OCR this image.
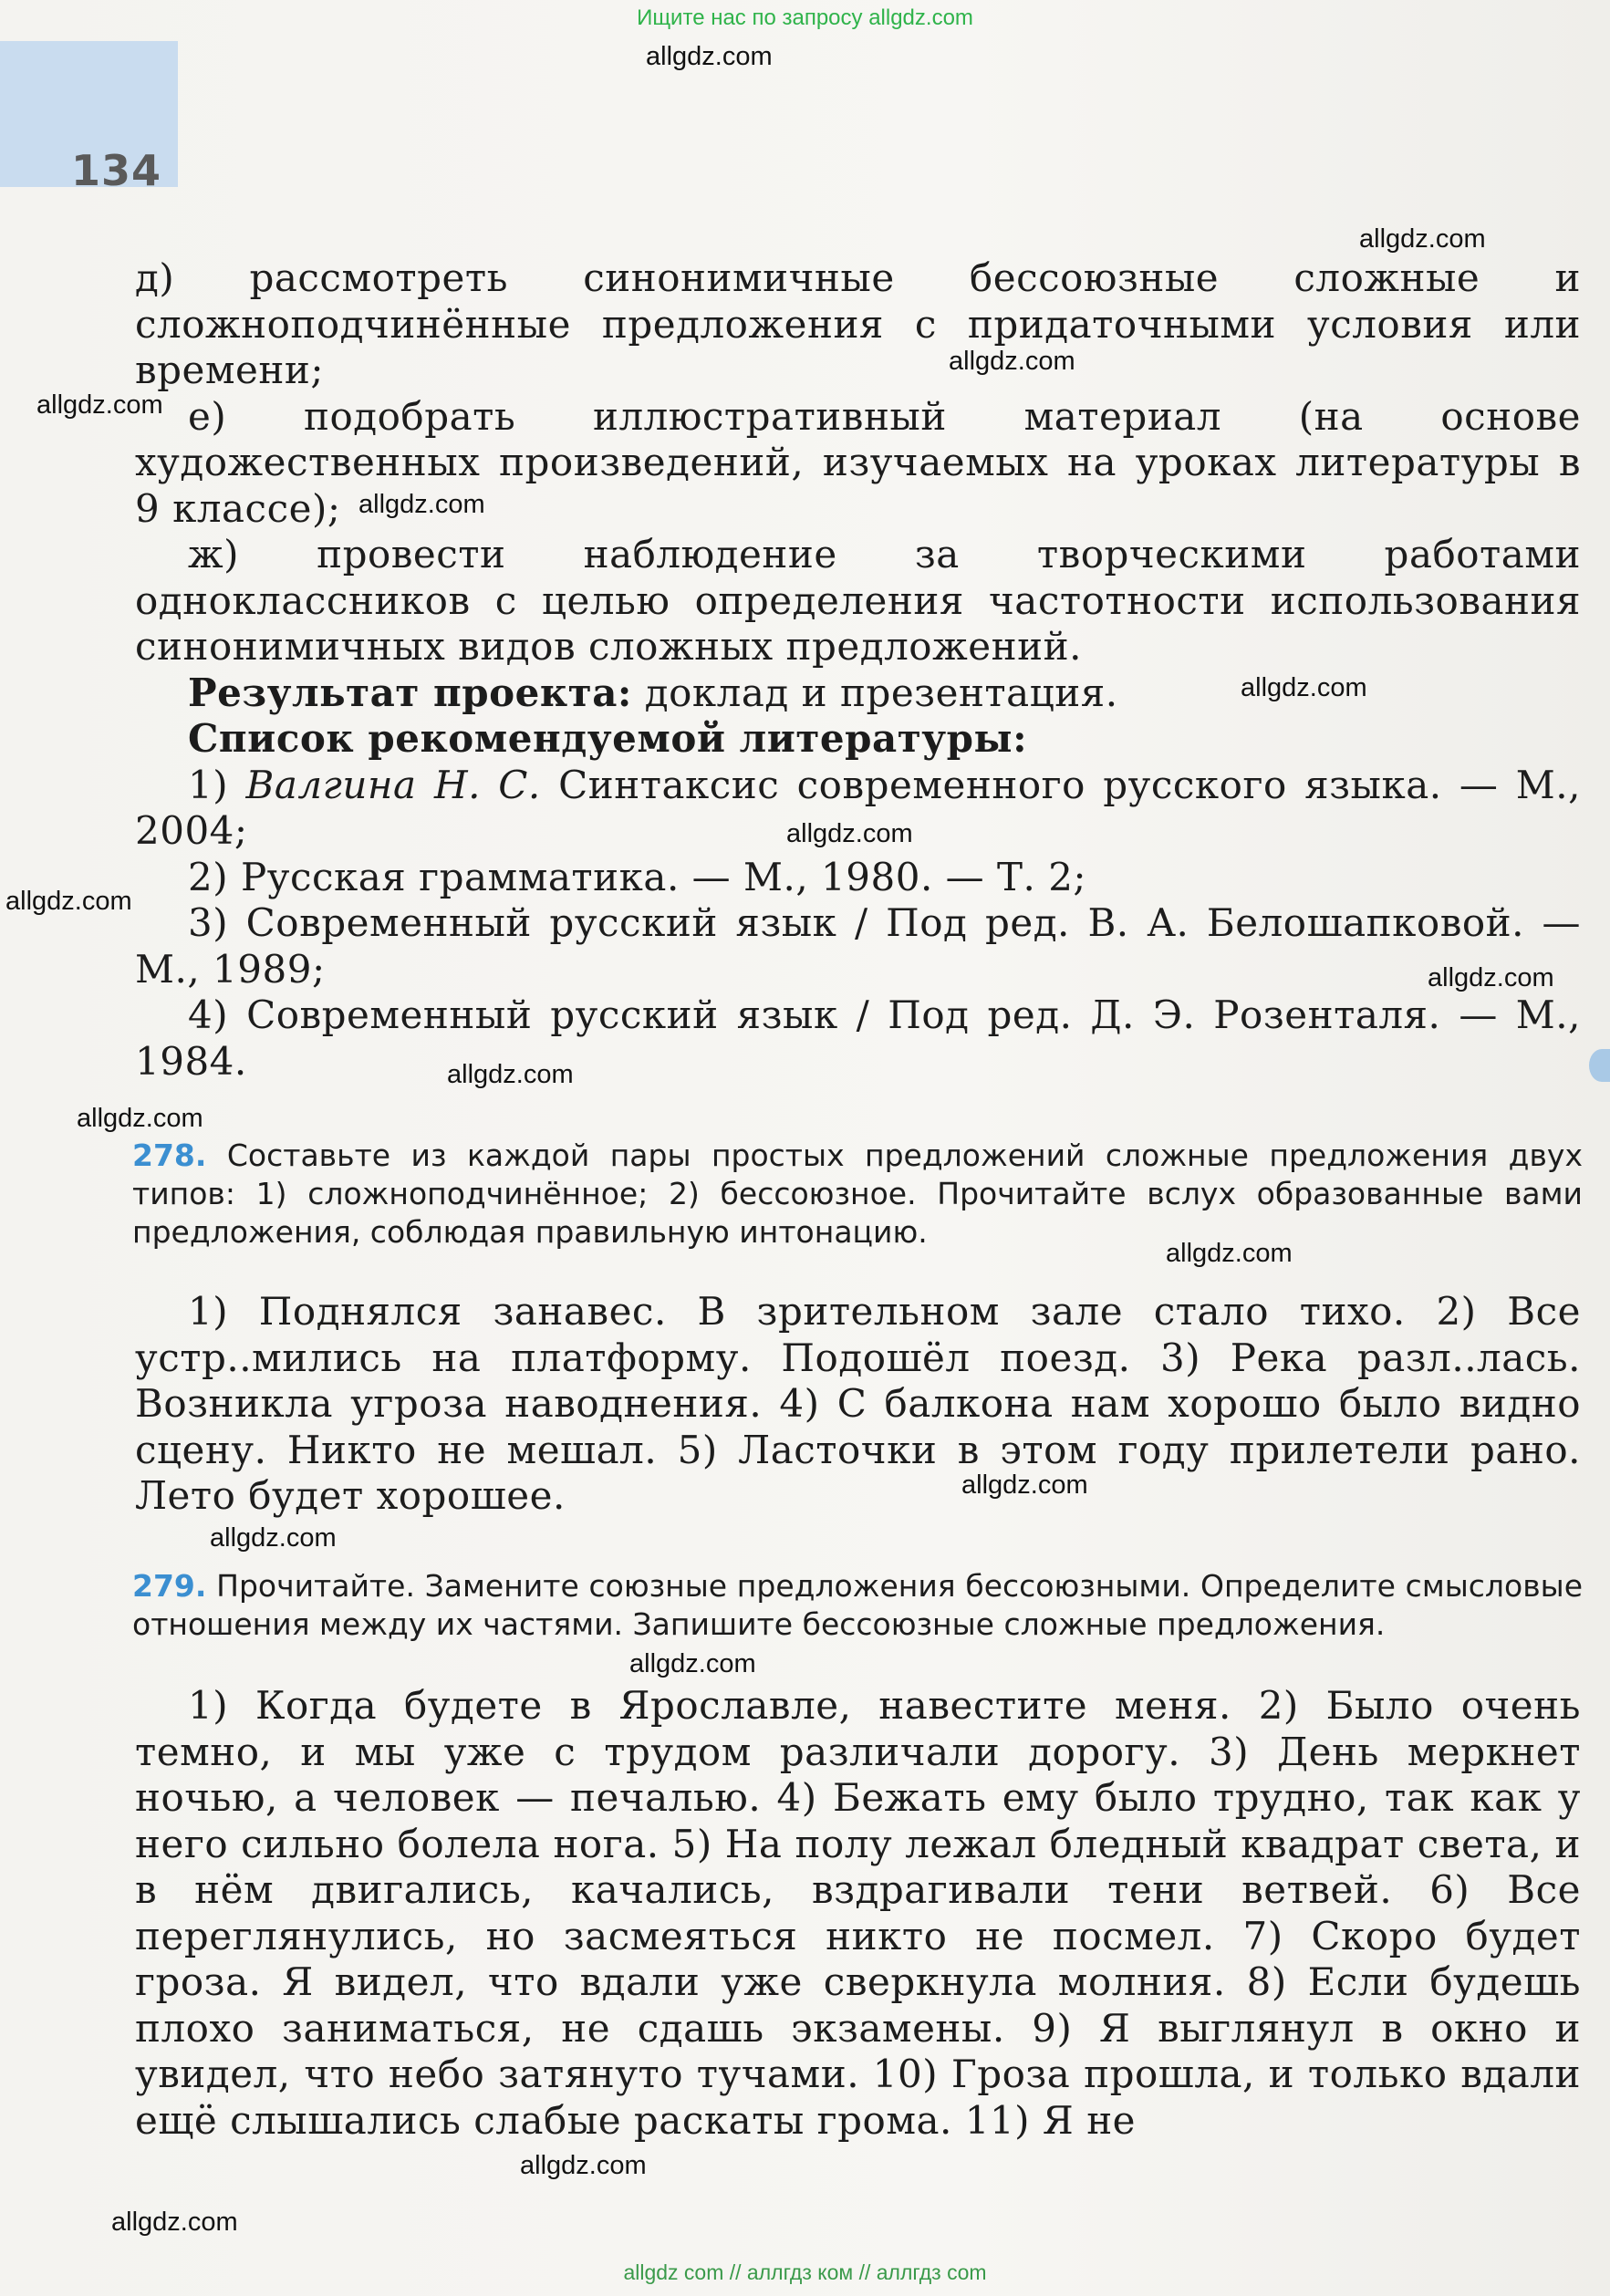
Ищите нас по запросу allgdz.com
134

д) рассмотреть синонимичные бессоюзные сложные и сложноподчинённые предложения с придаточными условия или времени;

е) подобрать иллюстративный материал (на основе художественных произведений, изучаемых на уроках литературы в 9 классе);

ж) провести наблюдение за творческими работами одноклассников с целью определения частотности использования синонимичных видов сложных предложений.

Результат проекта: доклад и презентация.

Список рекомендуемой литературы:

1) Валгина Н. С. Синтаксис современного русского языка. — М., 2004;

2) Русская грамматика. — М., 1980. — Т. 2;

3) Современный русский язык / Под ред. В. А. Белошапковой. — М., 1989;

4) Современный русский язык / Под ред. Д. Э. Розенталя. — М., 1984.

278. Составьте из каждой пары простых предложений сложные предложения двух типов: 1) сложноподчинённое; 2) бессоюзное. Прочитайте вслух образованные вами предложения, соблюдая правильную интонацию.

1) Поднялся занавес. В зрительном зале стало тихо. 2) Все устр..мились на платформу. Подошёл поезд. 3) Река разл..лась. Возникла угроза наводнения. 4) С балкона нам хорошо было видно сцену. Никто не мешал. 5) Ласточки в этом году прилетели рано. Лето будет хорошее.

279. Прочитайте. Замените союзные предложения бессоюзными. Определите смысловые отношения между их частями. Запишите бессоюзные сложные предложения.

1) Когда будете в Ярославле, навестите меня. 2) Было очень темно, и мы уже с трудом различали дорогу. 3) День меркнет ночью, а человек — печалью. 4) Бежать ему было трудно, так как у него сильно болела нога. 5) На полу лежал бледный квадрат света, и в нём двигались, качались, вздрагивали тени ветвей. 6) Все переглянулись, но засмеяться никто не посмел. 7) Скоро будет гроза. Я видел, что вдали уже сверкнула молния. 8) Если будешь плохо заниматься, не сдашь экзамены. 9) Я выглянул в окно и увидел, что небо затянуто тучами. 10) Гроза прошла, и только вдали ещё слышались слабые раскаты грома. 11) Я не

allgdz.com
allgdz.com
allgdz.com
allgdz.com
allgdz.com
allgdz.com
allgdz.com
allgdz.com
allgdz.com
allgdz.com
allgdz.com
allgdz.com
allgdz.com
allgdz.com
allgdz.com
allgdz.com
allgdz.com
allgdz com // аллгдз ком // аллгдз com
